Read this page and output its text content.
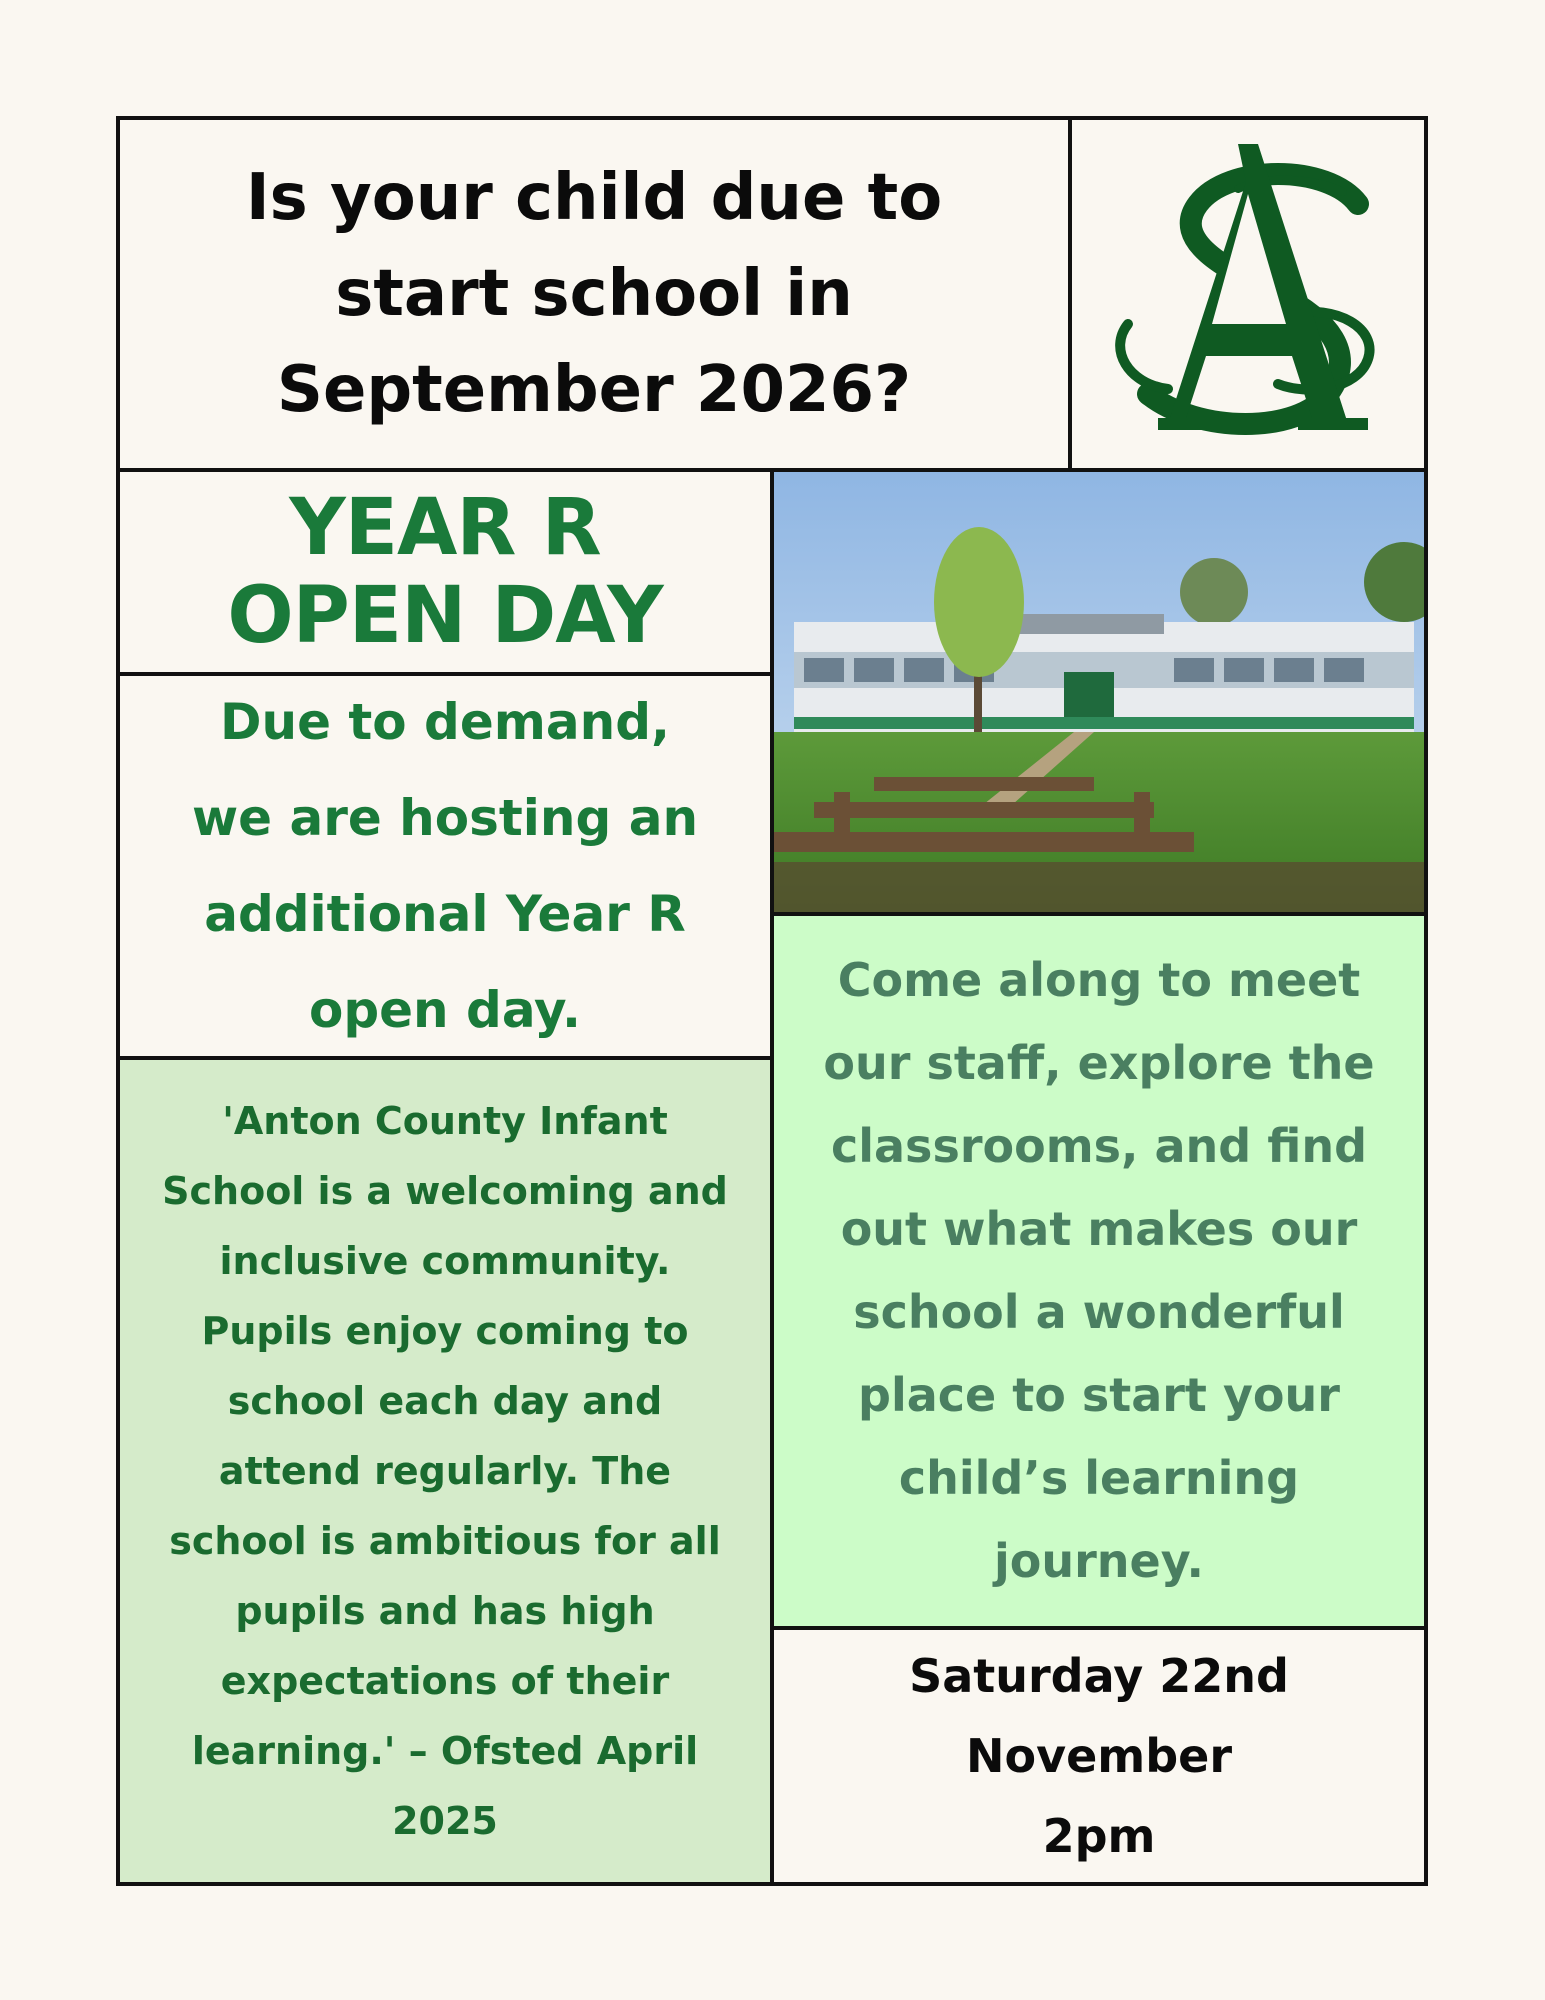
Is your child due to
start school in
September 2026?
YEAR R
OPEN DAY
Due to demand,
we are hosting an
additional Year R
open day.
'Anton County Infant
School is a welcoming and
inclusive community.
Pupils enjoy coming to
school each day and
attend regularly. The
school is ambitious for all
pupils and has high
expectations of their
learning.' – Ofsted April
2025
Come along to meet
our staff, explore the
classrooms, and find
out what makes our
school a wonderful
place to start your
child’s learning
journey.
Saturday 22nd November
2pm
